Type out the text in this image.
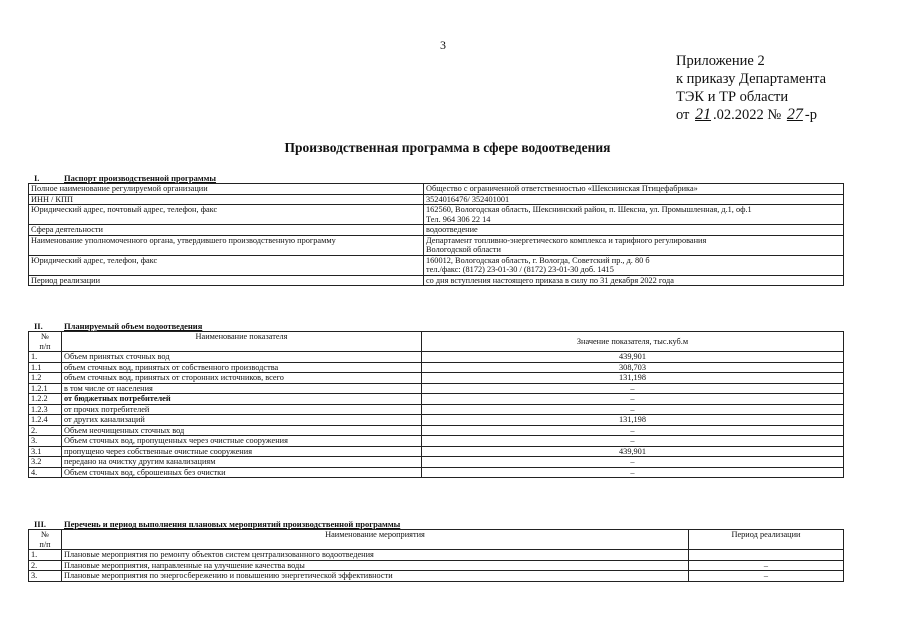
3
Приложение 2
к приказу Департамента
ТЭК и ТР области
от 21 .02.2022 № 27 -р
Производственная программа в сфере водоотведения
I.	Паспорт производственной программы
Полное наименование регулируемой организации	Общество с ограниченной ответственностью «Шекснинская Птицефабрика»
ИНН / КПП	3524016476/ 352401001
Юридический адрес, почтовый адрес, телефон, факс	162560, Вологодская область, Шекснинский район, п. Шексна, ул. Промышленная, д.1, оф.1
Тел. 964 306 22 14

Сфера деятельности	водоотведение
Наименование уполномоченного органа, утвердившего производственную программу	Департамент топливно-энергетического комплекса и тарифного регулирования
Вологодской области

Юридический адрес, телефон, факс	160012, Вологодская область, г. Вологда, Советский пр., д. 80 б
тел./факс: (8172) 23-01-30 / (8172) 23-01-30 доб. 1415

Период реализации	со дня вступления настоящего приказа в силу по 31 декабря 2022 года
II.	Планируемый объем водоотведения
№
п/п	Наименование показателя	Значение показателя, тыс.куб.м
1.	Объем принятых сточных вод	439,901
1.1	объем сточных вод, принятых от собственного производства	308,703
1.2	объем сточных вод, принятых от сторонних источников, всего	131,198
1.2.1	в том числе от населения	–
1.2.2	от бюджетных потребителей	–
1.2.3	от прочих потребителей	–
1.2.4	от других канализаций	131,198
2.	Объем неочищенных сточных вод	–
3.	Объем сточных вод, пропущенных через очистные сооружения	–
3.1	пропущено через собственные очистные сооружения	439,901
3.2	передано на очистку другим канализациям	–
4.	Объем сточных вод, сброшенных без очистки	–
III. Перечень и период выполнения плановых мероприятий производственной программы
№
п/п	Наименование мероприятия	Период реализации
1.	Плановые мероприятия по ремонту объектов систем централизованного водоотведения	
2.	Плановые мероприятия, направленные на улучшение качества воды	–
3.	Плановые мероприятия по энергосбережению и повышению энергетической эффективности	–
